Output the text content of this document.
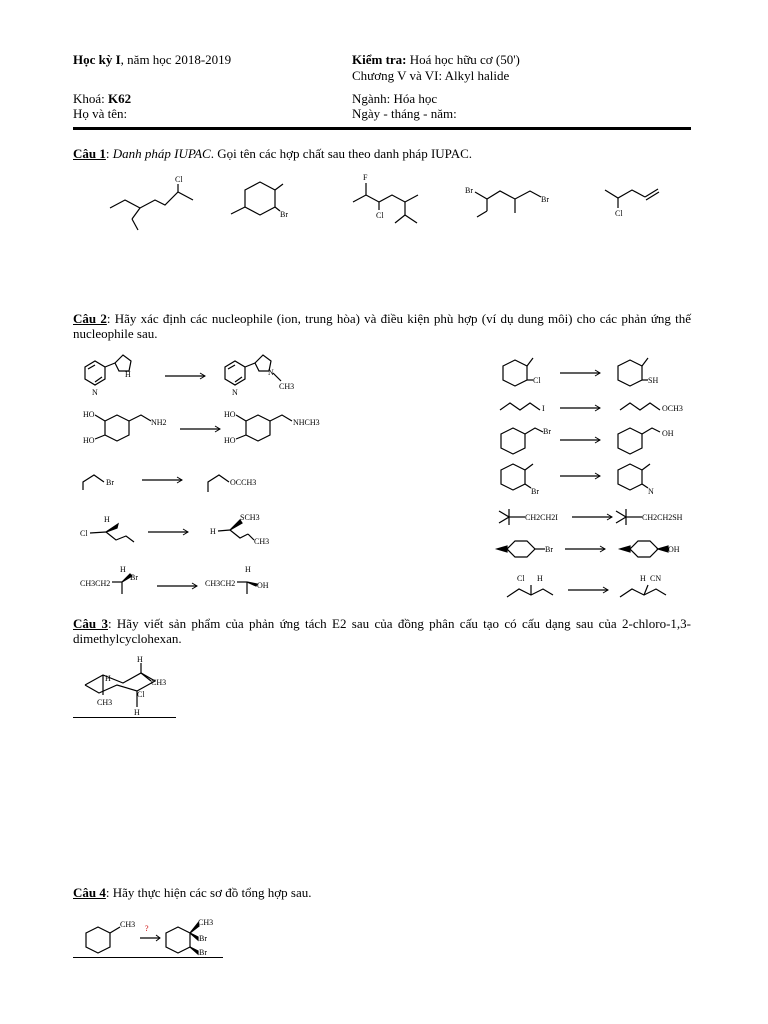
Học kỳ I, năm học 2018-2019	Kiểm tra: Hoá học hữu cơ (50')
Chương V và VI: Alkyl halide
Khoá: K62	Ngành: Hóa học
Họ và tên:	Ngày - tháng - năm:
Câu 1: Danh pháp IUPAC. Gọi tên các hợp chất sau theo danh pháp IUPAC.
Cl
Br
F
Cl
Br
Br
Cl
Câu 2: Hãy xác định các nucleophile (ion, trung hòa) và điều kiện phù hợp (ví dụ dung môi) cho các phản ứng thế nucleophile sau.
N
H
N
N
CH3
HO
HO
NH2
HO
HO
NHCH3
Br	OCCH3
Cl
H
H
SCH3
CH3
CH3CH2
H
Br
CH3CH2
H
OH
Cl	SH
I	OCH3
Br	OH
Br	N
CH2CH2I	CH2CH2SH
Br	OH
Cl H	H CN
Câu 3: Hãy viết sản phẩm của phản ứng tách E2 sau của đồng phân cấu tạo có cấu dạng sau của 2-chloro-1,3-dimethylcyclohexan.
H
CH3
H
H
Cl
CH3
Câu 4: Hãy thực hiện các sơ đồ tổng hợp sau.
CH3 ?
CH3
Br
Br
